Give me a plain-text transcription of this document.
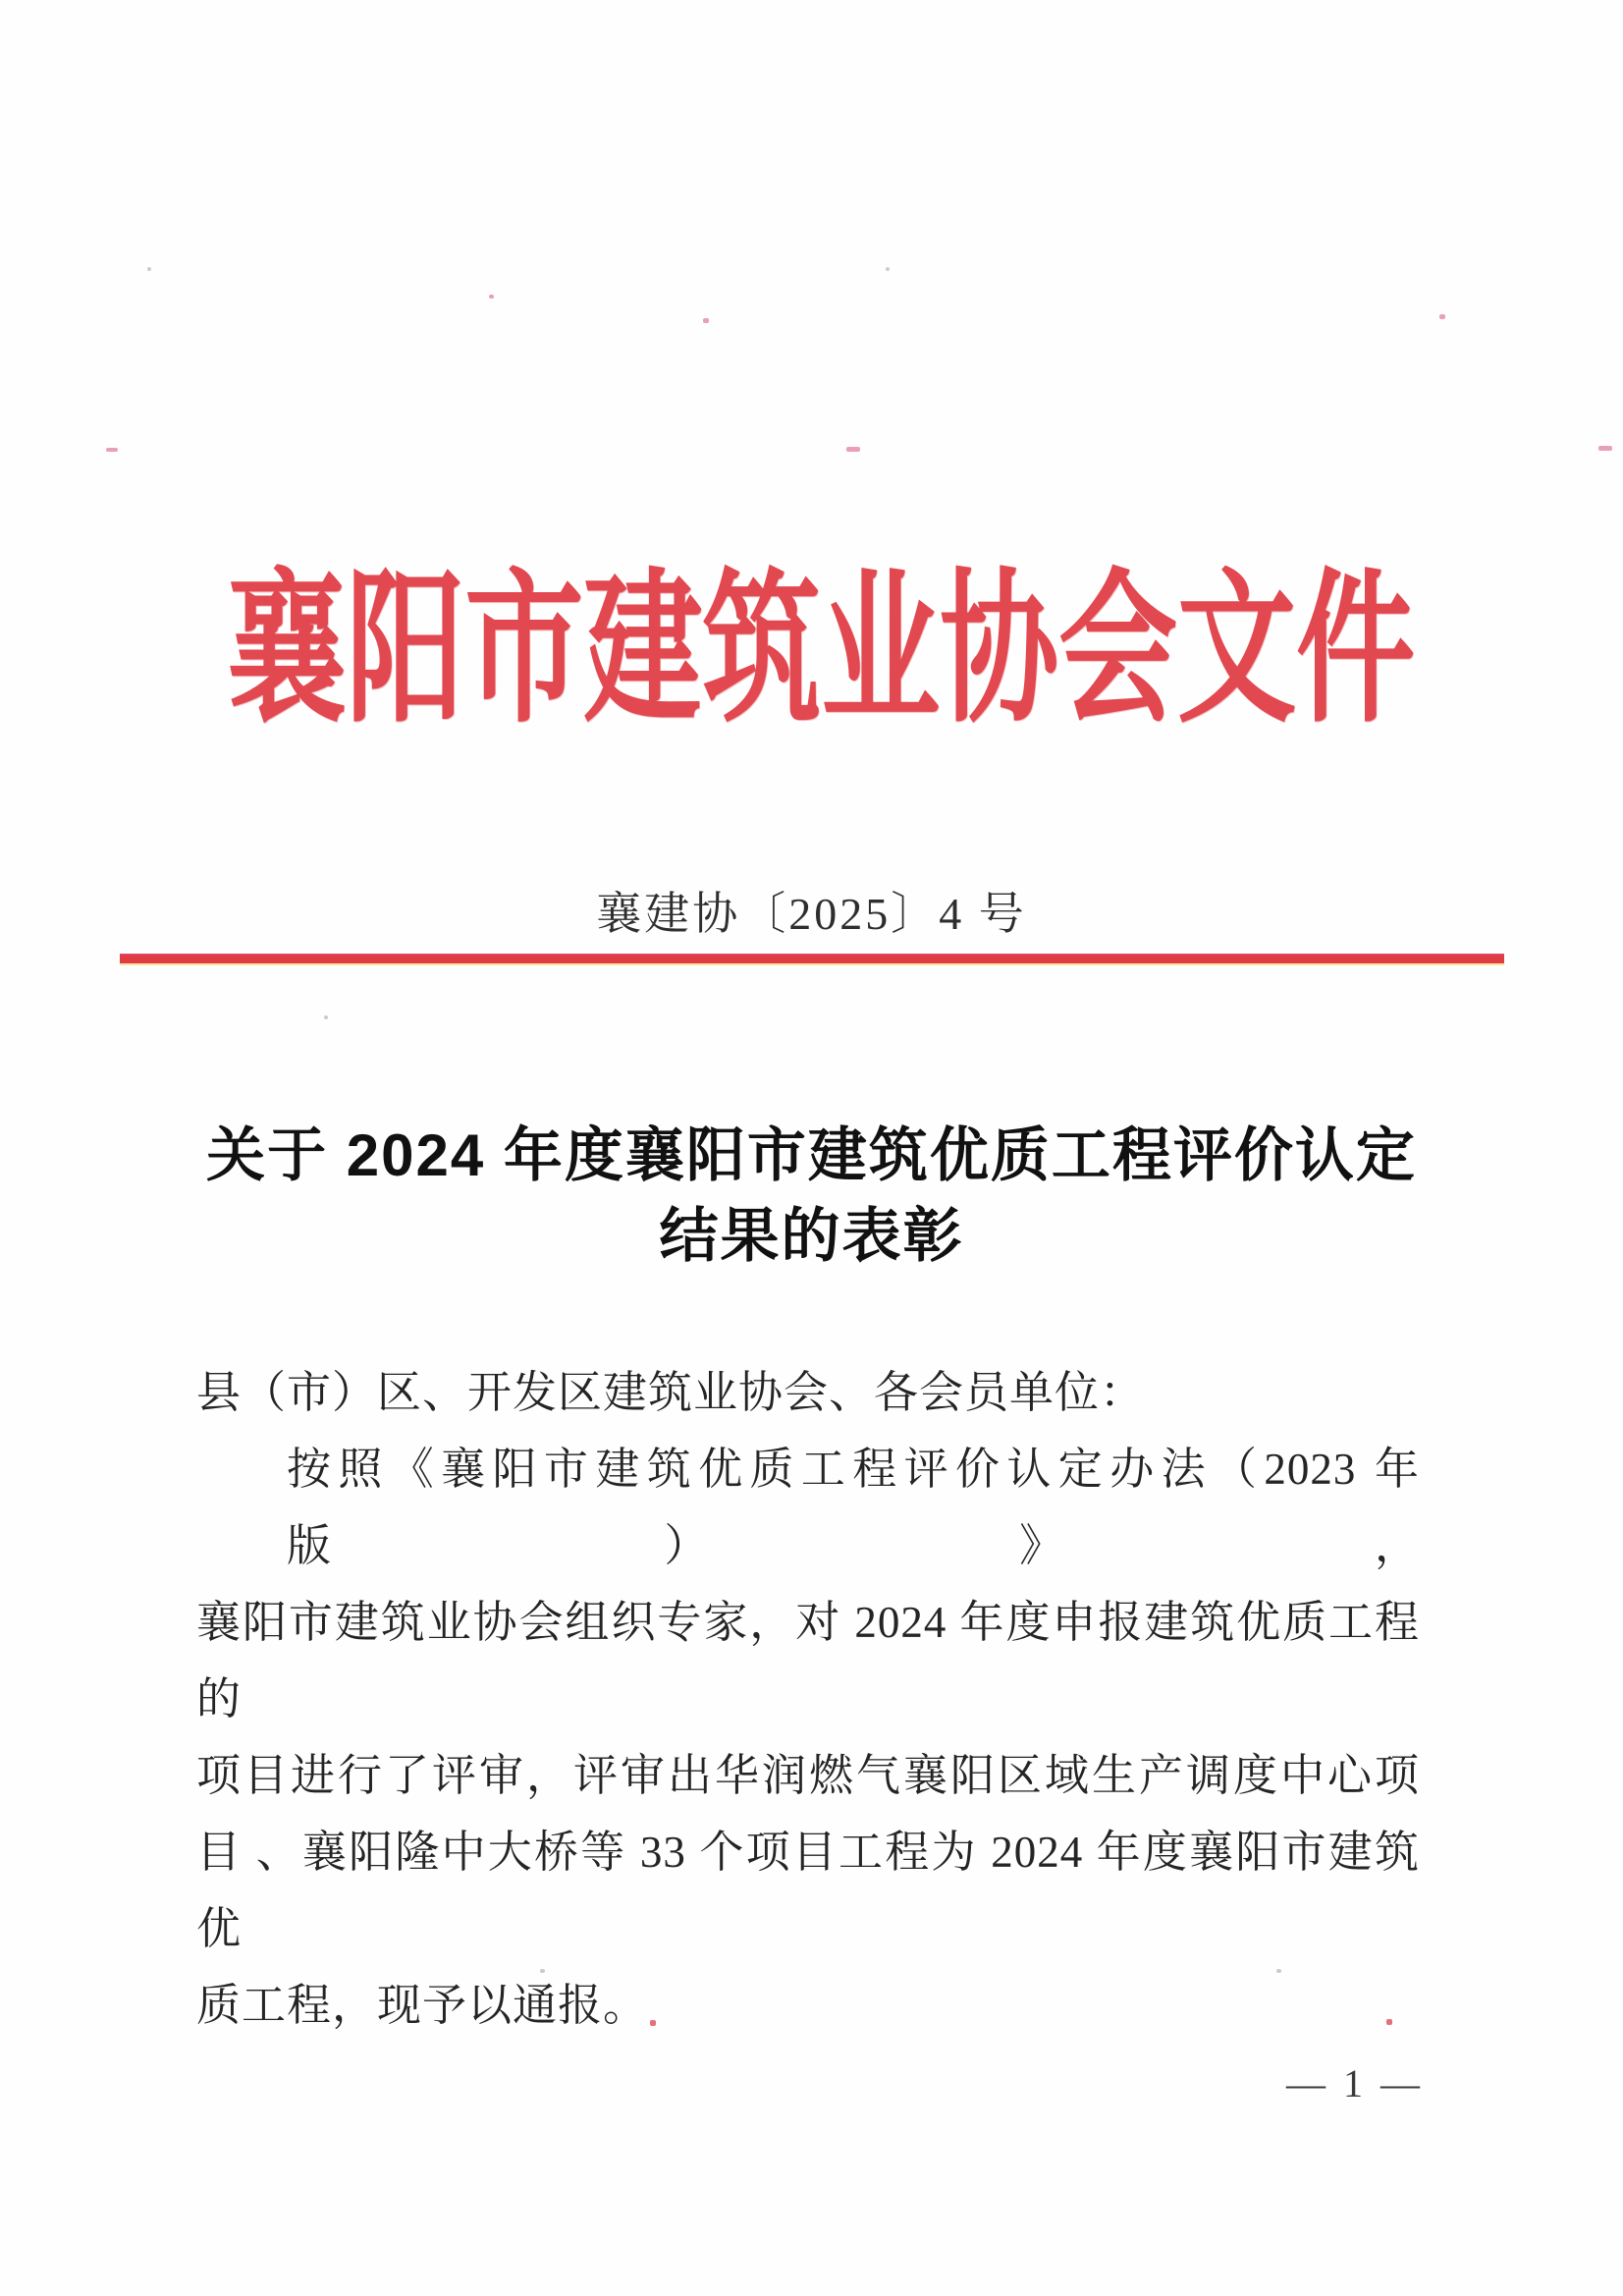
襄阳市建筑业协会文件
襄建协〔2025〕4 号
关于 2024 年度襄阳市建筑优质工程评价认定
结果的表彰
县（市）区、开发区建筑业协会、各会员单位：
按照《襄阳市建筑优质工程评价认定办法（2023 年版）》，
襄阳市建筑业协会组织专家，对 2024 年度申报建筑优质工程的
项目进行了评审，评审出华润燃气襄阳区域生产调度中心项
目 、襄阳隆中大桥等 33 个项目工程为 2024 年度襄阳市建筑优
质工程，现予以通报。
— 1 —
